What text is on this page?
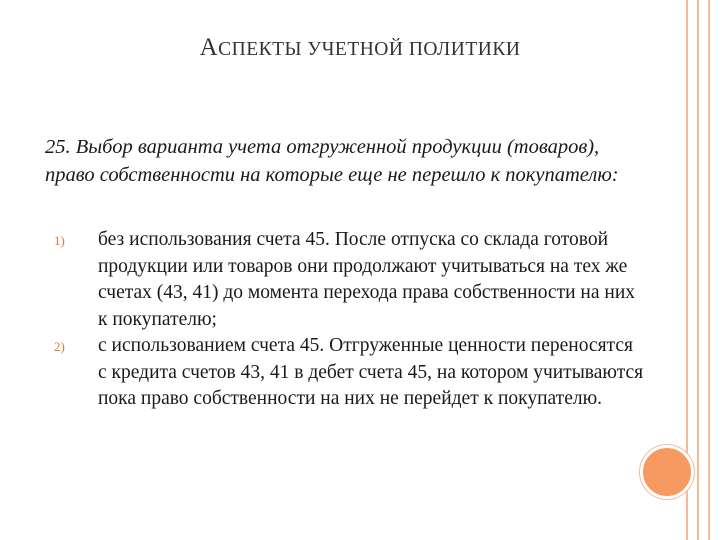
АСПЕКТЫ УЧЕТНОЙ ПОЛИТИКИ
25. Выбор варианта учета отгруженной продукции (товаров), право собственности на которые еще не перешло к покупателю:
1) без использования счета 45. После отпуска со склада готовой продукции или товаров они продолжают учитываться на тех же счетах (43, 41) до момента перехода права собственности на них к покупателю;
2) с использованием счета 45. Отгруженные ценности переносятся с кредита счетов 43, 41 в дебет счета 45, на котором учитываются пока право собственности на них не перейдет к покупателю.
